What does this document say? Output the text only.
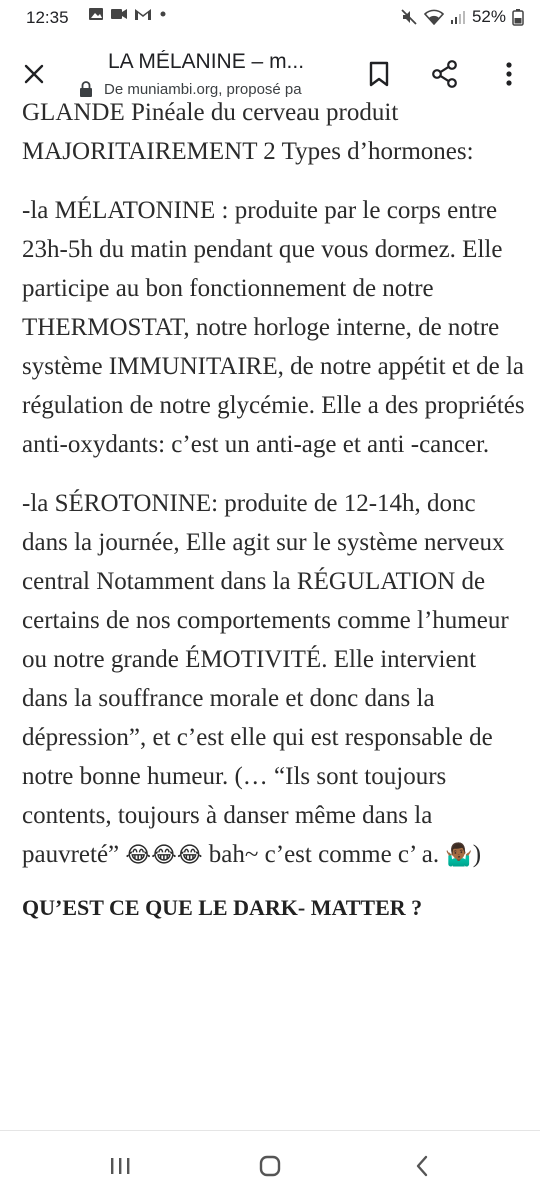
12:35	52%
LA MÉLANINE – m...
De muniambi.org, proposé pa

GLANDE Pinéale du cerveau produit MAJORITAIREMENT 2 Types d’hormones:

-la MÉLATONINE : produite par le corps entre 23h-5h du matin pendant que vous dormez. Elle participe au bon fonctionnement de notre THERMOSTAT, notre horloge interne, de notre système IMMUNITAIRE, de notre appétit et de la régulation de notre glycémie. Elle a des propriétés anti-oxydants: c’est un anti-age et anti -cancer.

-la SÉROTONINE: produite de 12-14h, donc dans la journée, Elle agit sur le système nerveux central Notamment dans la RÉGULATION de certains de nos comportements comme l’humeur ou notre grande ÉMOTIVITÉ. Elle intervient dans la souffrance morale et donc dans la dépression”, et c’est elle qui est responsable de notre bonne humeur. (… “Ils sont toujours contents, toujours à danser même dans la pauvreté” 😂😂😂 bah~ c’est comme c’ a. 🤷🏾‍♂️)

QU’EST CE QUE LE DARK- MATTER ?
